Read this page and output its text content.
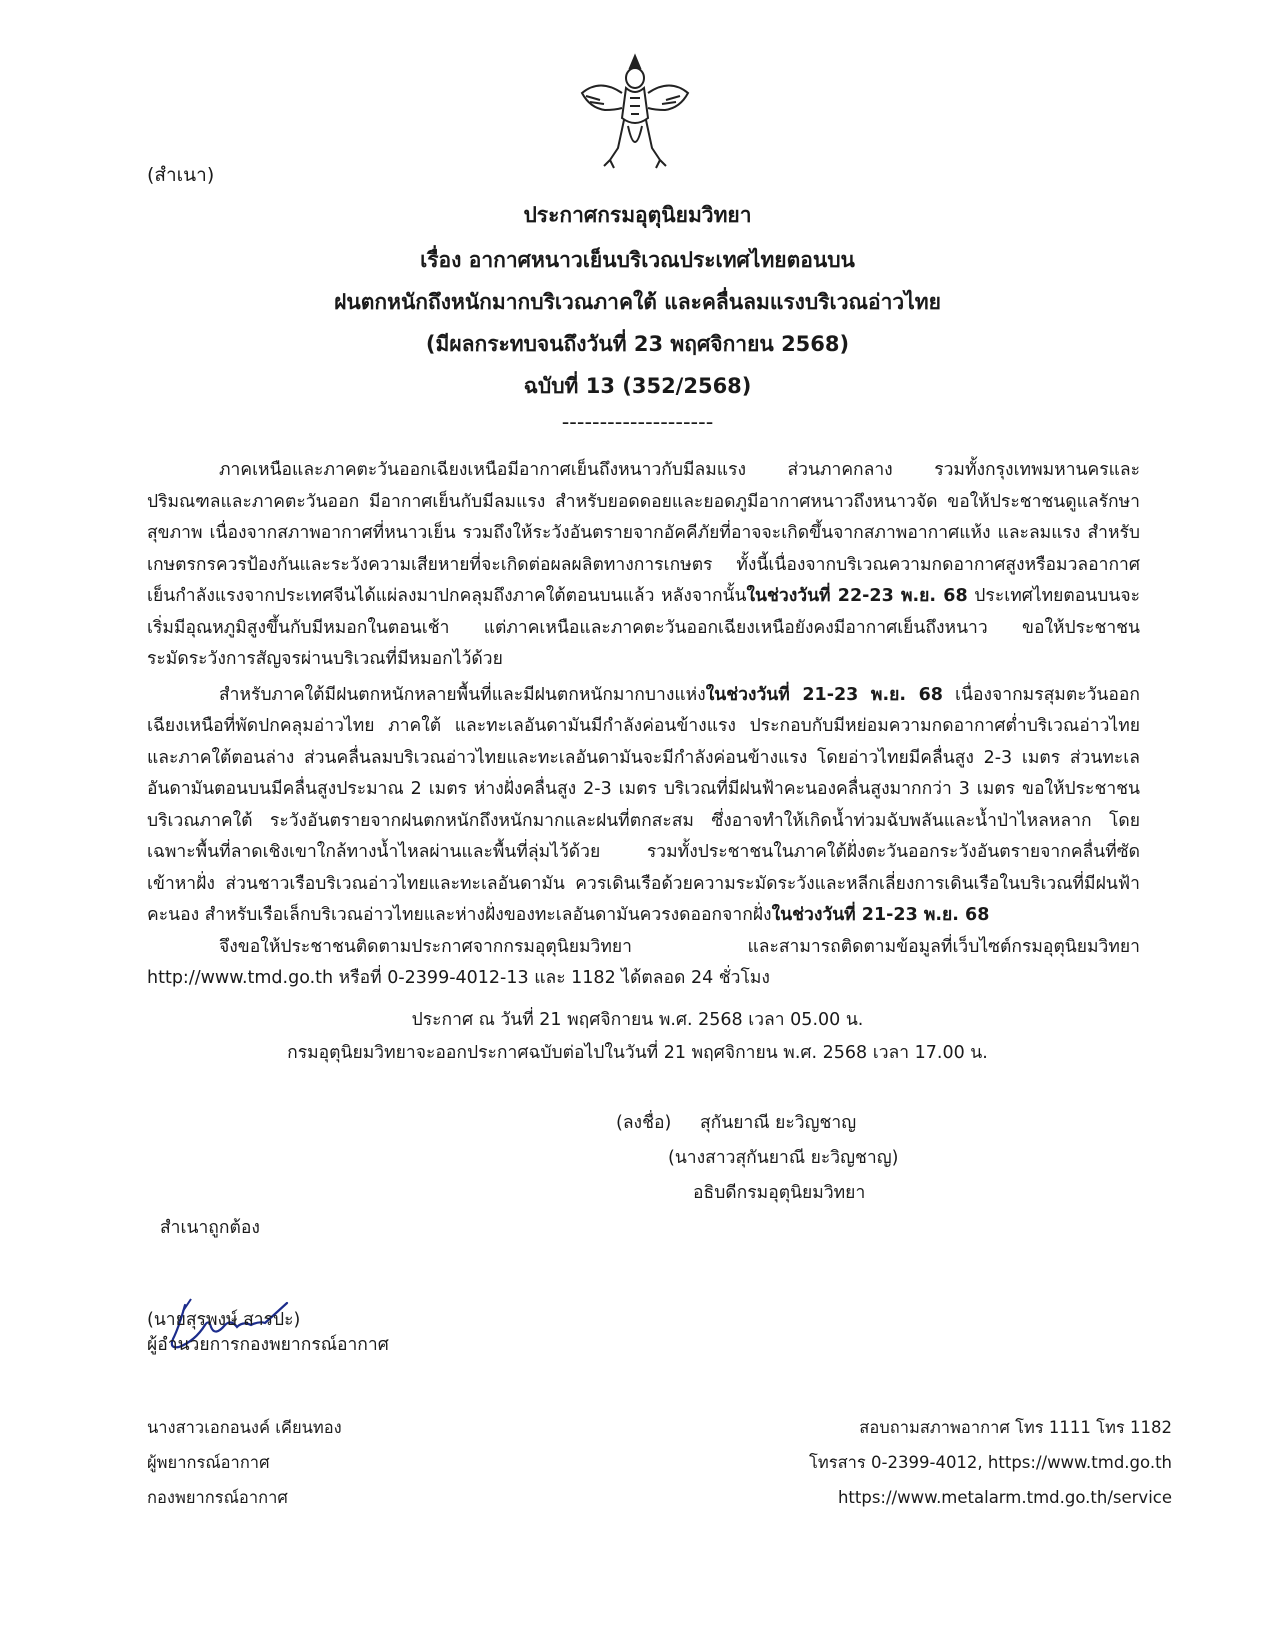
(สำเนา)
ประกาศกรมอุตุนิยมวิทยา
เรื่อง อากาศหนาวเย็นบริเวณประเทศไทยตอนบน
ฝนตกหนักถึงหนักมากบริเวณภาคใต้ และคลื่นลมแรงบริเวณอ่าวไทย
(มีผลกระทบจนถึงวันที่ 23 พฤศจิกายน 2568)
ฉบับที่ 13 (352/2568)
--------------------

ภาคเหนือและภาคตะวันออกเฉียงเหนือมีอากาศเย็นถึงหนาวกับมีลมแรง ส่วนภาคกลาง รวมทั้งกรุงเทพมหานครและปริมณฑลและภาคตะวันออก มีอากาศเย็นกับมีลมแรง สำหรับยอดดอยและยอดภูมีอากาศหนาวถึงหนาวจัด ขอให้ประชาชนดูแลรักษาสุขภาพ เนื่องจากสภาพอากาศที่หนาวเย็น รวมถึงให้ระวังอันตรายจากอัคคีภัยที่อาจจะเกิดขึ้นจากสภาพอากาศแห้ง และลมแรง สำหรับเกษตรกรควรป้องกันและระวังความเสียหายที่จะเกิดต่อผลผลิตทางการเกษตร ทั้งนี้เนื่องจากบริเวณความกดอากาศสูงหรือมวลอากาศเย็นกำลังแรงจากประเทศจีนได้แผ่ลงมาปกคลุมถึงภาคใต้ตอนบนแล้ว หลังจากนั้นในช่วงวันที่ 22-23 พ.ย. 68 ประเทศไทยตอนบนจะเริ่มมีอุณหภูมิสูงขึ้นกับมีหมอกในตอนเช้า แต่ภาคเหนือและภาคตะวันออกเฉียงเหนือยังคงมีอากาศเย็นถึงหนาว ขอให้ประชาชนระมัดระวังการสัญจรผ่านบริเวณที่มีหมอกไว้ด้วย

สำหรับภาคใต้มีฝนตกหนักหลายพื้นที่และมีฝนตกหนักมากบางแห่งในช่วงวันที่ 21-23 พ.ย. 68 เนื่องจากมรสุมตะวันออกเฉียงเหนือที่พัดปกคลุมอ่าวไทย ภาคใต้ และทะเลอันดามันมีกำลังค่อนข้างแรง ประกอบกับมีหย่อมความกดอากาศต่ำบริเวณอ่าวไทยและภาคใต้ตอนล่าง ส่วนคลื่นลมบริเวณอ่าวไทยและทะเลอันดามันจะมีกำลังค่อนข้างแรง โดยอ่าวไทยมีคลื่นสูง 2-3 เมตร ส่วนทะเลอันดามันตอนบนมีคลื่นสูงประมาณ 2 เมตร ห่างฝั่งคลื่นสูง 2-3 เมตร บริเวณที่มีฝนฟ้าคะนองคลื่นสูงมากกว่า 3 เมตร ขอให้ประชาชนบริเวณภาคใต้ ระวังอันตรายจากฝนตกหนักถึงหนักมากและฝนที่ตกสะสม ซึ่งอาจทำให้เกิดน้ำท่วมฉับพลันและน้ำป่าไหลหลาก โดยเฉพาะพื้นที่ลาดเชิงเขาใกล้ทางน้ำไหลผ่านและพื้นที่ลุ่มไว้ด้วย รวมทั้งประชาชนในภาคใต้ฝั่งตะวันออกระวังอันตรายจากคลื่นที่ซัดเข้าหาฝั่ง ส่วนชาวเรือบริเวณอ่าวไทยและทะเลอันดามัน ควรเดินเรือด้วยความระมัดระวังและหลีกเลี่ยงการเดินเรือในบริเวณที่มีฝนฟ้าคะนอง สำหรับเรือเล็กบริเวณอ่าวไทยและห่างฝั่งของทะเลอันดามันควรงดออกจากฝั่งในช่วงวันที่ 21-23 พ.ย. 68

จึงขอให้ประชาชนติดตามประกาศจากกรมอุตุนิยมวิทยา และสามารถติดตามข้อมูลที่เว็บไซต์กรมอุตุนิยมวิทยา http://www.tmd.go.th หรือที่ 0-2399-4012-13 และ 1182 ได้ตลอด 24 ชั่วโมง

ประกาศ ณ วันที่ 21 พฤศจิกายน พ.ศ. 2568 เวลา 05.00 น.
กรมอุตุนิยมวิทยาจะออกประกาศฉบับต่อไปในวันที่ 21 พฤศจิกายน พ.ศ. 2568 เวลา 17.00 น.
(ลงชื่อ) สุกันยาณี ยะวิญชาญ
(นางสาวสุกันยาณี ยะวิญชาญ)
อธิบดีกรมอุตุนิยมวิทยา
สำเนาถูกต้อง
(นายสุรพงษ์ สารปะ)
ผู้อำนวยการกองพยากรณ์อากาศ
นางสาวเอกอนงค์ เคียนทอง
ผู้พยากรณ์อากาศ
กองพยากรณ์อากาศ
สอบถามสภาพอากาศ โทร 1111 โทร 1182
โทรสาร 0-2399-4012, https://www.tmd.go.th
https://www.metalarm.tmd.go.th/service
